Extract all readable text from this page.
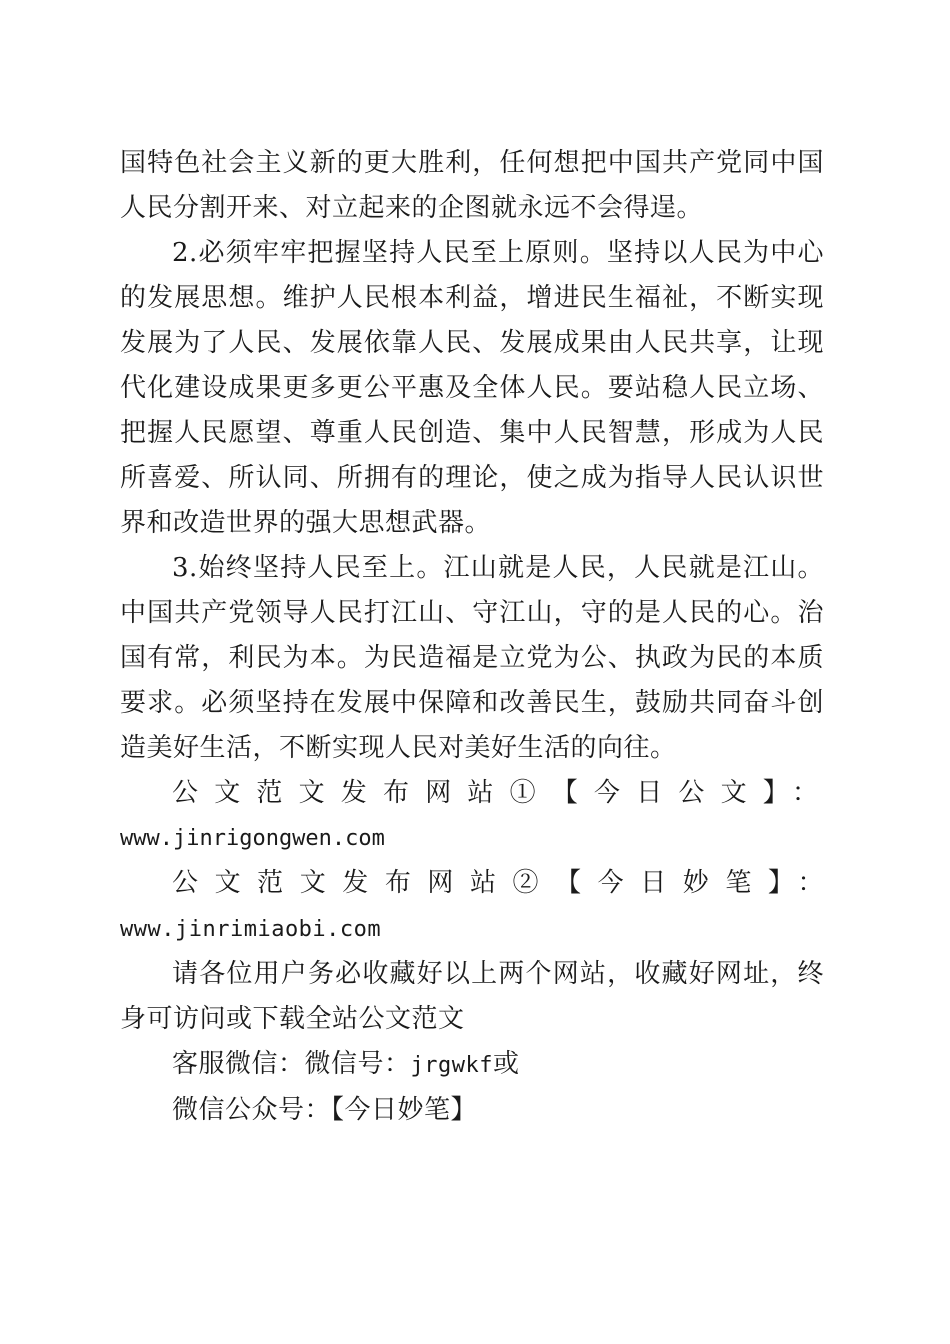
国特色社会主义新的更大胜利，任何想把中国共产党同中国人民分割开来、对立起来的企图就永远不会得逞。

2.必须牢牢把握坚持人民至上原则。坚持以人民为中心的发展思想。维护人民根本利益，增进民生福祉，不断实现发展为了人民、发展依靠人民、发展成果由人民共享，让现代化建设成果更多更公平惠及全体人民。要站稳人民立场、把握人民愿望、尊重人民创造、集中人民智慧，形成为人民所喜爱、所认同、所拥有的理论，使之成为指导人民认识世界和改造世界的强大思想武器。

3.始终坚持人民至上。江山就是人民，人民就是江山。中国共产党领导人民打江山、守江山，守的是人民的心。治国有常，利民为本。为民造福是立党为公、执政为民的本质要求。必须坚持在发展中保障和改善民生，鼓励共同奋斗创造美好生活，不断实现人民对美好生活的向往。

公文范文发布网站①【今日公文】：

www.jinrigongwen.com

公文范文发布网站②【今日妙笔】：www.jinrimiaobi.com

请各位用户务必收藏好以上两个网站，收藏好网址，终身可访问或下载全站公文范文

客服微信：微信号：jrgwkf或

微信公众号：【今日妙笔】
